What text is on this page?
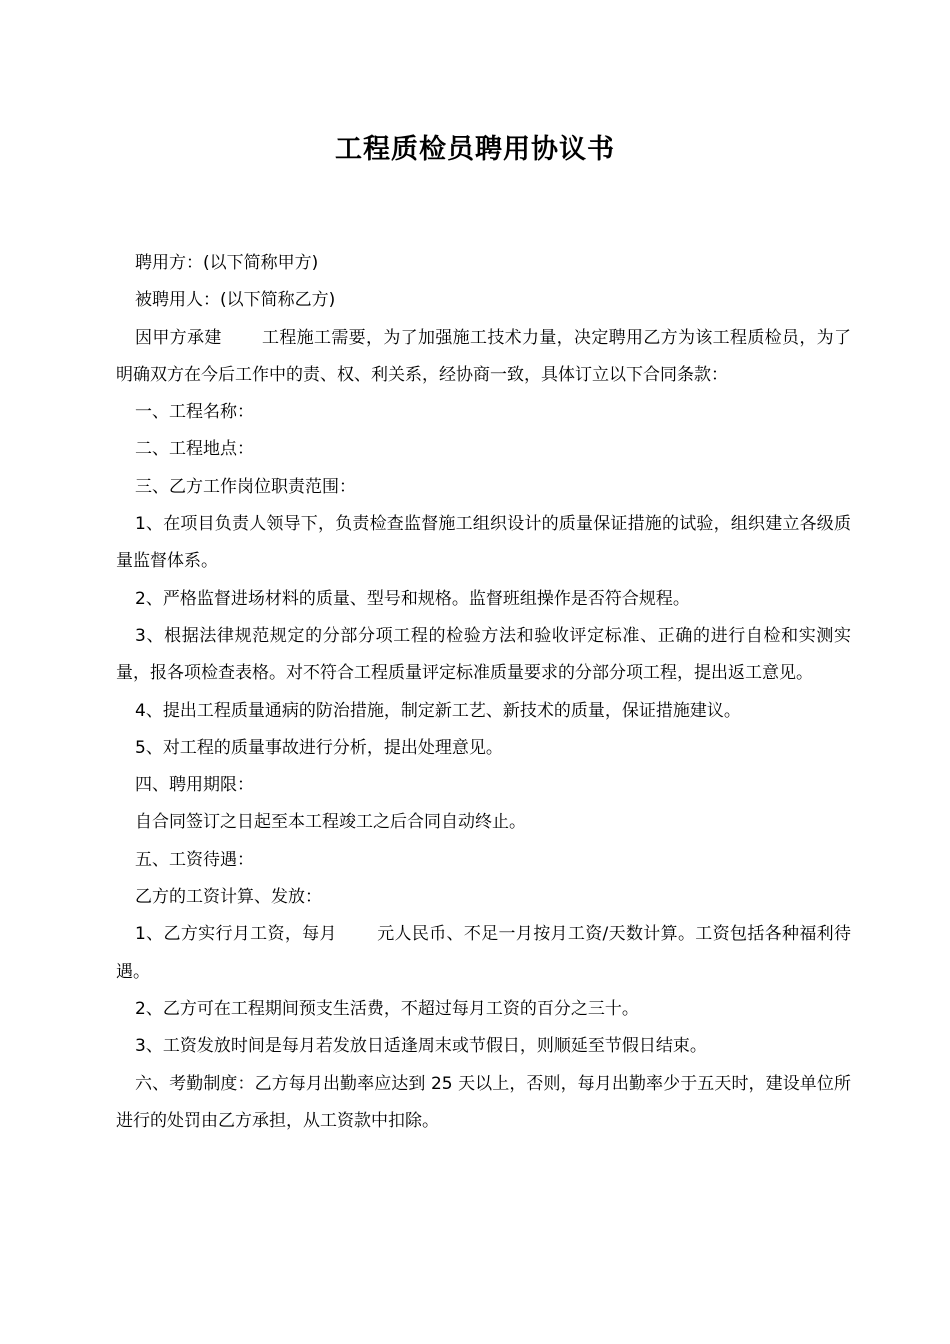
工程质检员聘用协议书

聘用方：(以下简称甲方)

被聘用人：(以下简称乙方)

因甲方承建 工程施工需要，为了加强施工技术力量，决定聘用乙方为该工程质检员，为了明确双方在今后工作中的责、权、利关系，经协商一致，具体订立以下合同条款：

一、工程名称：

二、工程地点：

三、乙方工作岗位职责范围：

1、在项目负责人领导下，负责检查监督施工组织设计的质量保证措施的试验，组织建立各级质量监督体系。

2、严格监督进场材料的质量、型号和规格。监督班组操作是否符合规程。

3、根据法律规范规定的分部分项工程的检验方法和验收评定标准、正确的进行自检和实测实量，报各项检查表格。对不符合工程质量评定标准质量要求的分部分项工程，提出返工意见。

4、提出工程质量通病的防治措施，制定新工艺、新技术的质量，保证措施建议。

5、对工程的质量事故进行分析，提出处理意见。

四、聘用期限：

自合同签订之日起至本工程竣工之后合同自动终止。

五、工资待遇：

乙方的工资计算、发放：

1、乙方实行月工资，每月 元人民币、不足一月按月工资/天数计算。工资包括各种福利待遇。

2、乙方可在工程期间预支生活费，不超过每月工资的百分之三十。

3、工资发放时间是每月若发放日适逢周末或节假日，则顺延至节假日结束。

六、考勤制度：乙方每月出勤率应达到 25 天以上，否则，每月出勤率少于五天时，建设单位所进行的处罚由乙方承担，从工资款中扣除。
